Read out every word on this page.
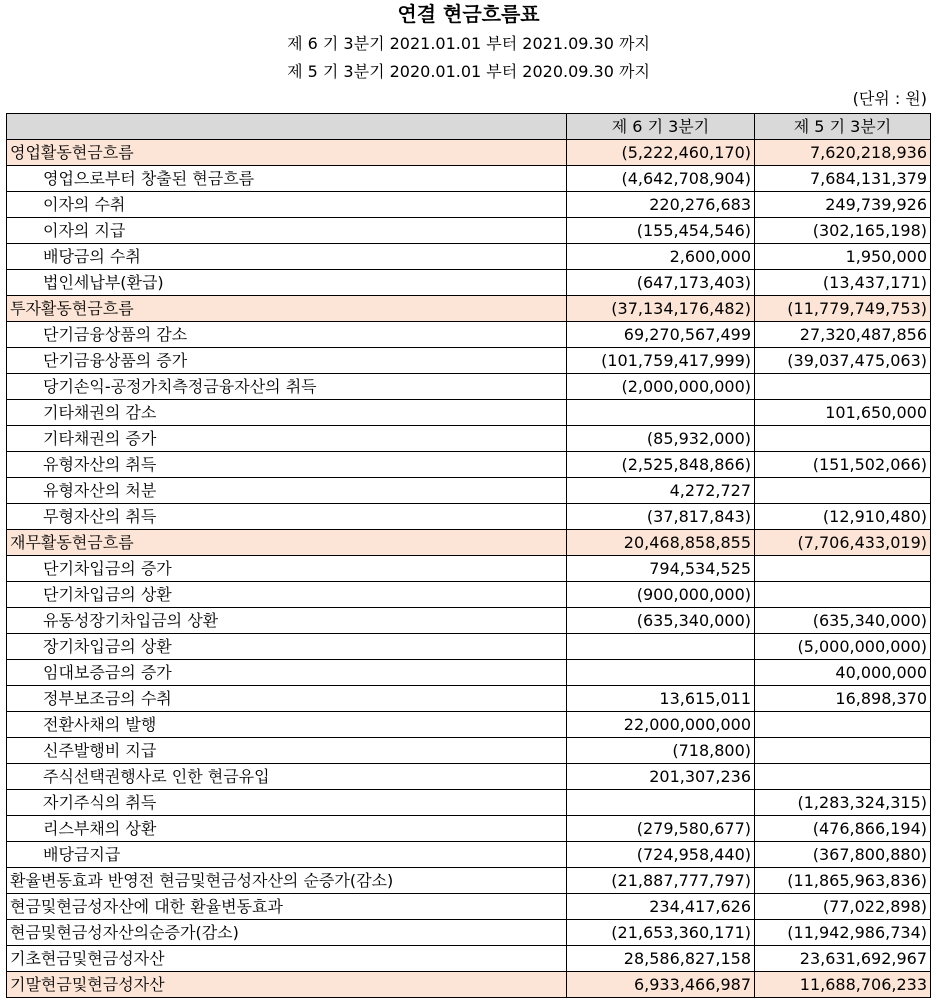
연결 현금흐름표
제 6 기 3분기 2021.01.01 부터 2021.09.30 까지
제 5 기 3분기 2020.01.01 부터 2020.09.30 까지
(단위 : 원)
	제 6 기 3분기	제 5 기 3분기
영업활동현금흐름	(5,222,460,170)	7,620,218,936
영업으로부터 창출된 현금흐름	(4,642,708,904)	7,684,131,379
이자의 수취	220,276,683	249,739,926
이자의 지급	(155,454,546)	(302,165,198)
배당금의 수취	2,600,000	1,950,000
법인세납부(환급)	(647,173,403)	(13,437,171)
투자활동현금흐름	(37,134,176,482)	(11,779,749,753)
단기금융상품의 감소	69,270,567,499	27,320,487,856
단기금융상품의 증가	(101,759,417,999)	(39,037,475,063)
당기손익-공정가치측정금융자산의 취득	(2,000,000,000)	
기타채권의 감소		101,650,000
기타채권의 증가	(85,932,000)	
유형자산의 취득	(2,525,848,866)	(151,502,066)
유형자산의 처분	4,272,727	
무형자산의 취득	(37,817,843)	(12,910,480)
재무활동현금흐름	20,468,858,855	(7,706,433,019)
단기차입금의 증가	794,534,525	
단기차입금의 상환	(900,000,000)	
유동성장기차입금의 상환	(635,340,000)	(635,340,000)
장기차입금의 상환		(5,000,000,000)
임대보증금의 증가		40,000,000
정부보조금의 수취	13,615,011	16,898,370
전환사채의 발행	22,000,000,000	
신주발행비 지급	(718,800)	
주식선택권행사로 인한 현금유입	201,307,236	
자기주식의 취득		(1,283,324,315)
리스부채의 상환	(279,580,677)	(476,866,194)
배당금지급	(724,958,440)	(367,800,880)
환율변동효과 반영전 현금및현금성자산의 순증가(감소)	(21,887,777,797)	(11,865,963,836)
현금및현금성자산에 대한 환율변동효과	234,417,626	(77,022,898)
현금및현금성자산의순증가(감소)	(21,653,360,171)	(11,942,986,734)
기초현금및현금성자산	28,586,827,158	23,631,692,967
기말현금및현금성자산	6,933,466,987	11,688,706,233
